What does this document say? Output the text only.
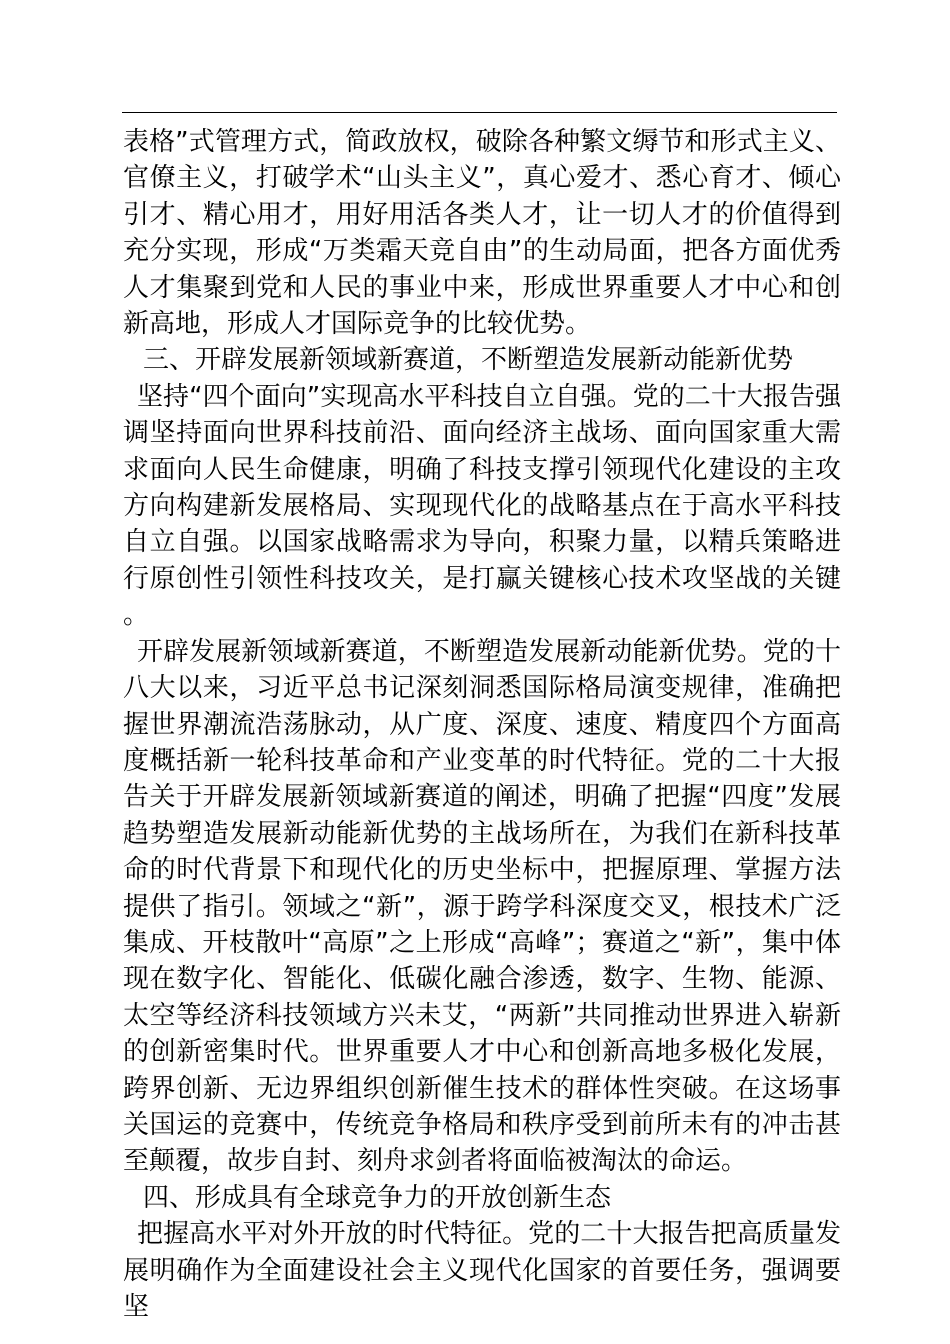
表格”式管理方式，简政放权，破除各种繁文缛节和形式主义、官僚主义，打破学术“山头主义”，真心爱才、悉心育才、倾心引才、精心用才，用好用活各类人才，让一切人才的价值得到充分实现，形成“万类霜天竞自由”的生动局面，把各方面优秀人才集聚到党和人民的事业中来，形成世界重要人才中心和创新高地，形成人才国际竞争的比较优势。

三、开辟发展新领域新赛道，不断塑造发展新动能新优势

坚持“四个面向”实现高水平科技自立自强。党的二十大报告强调坚持面向世界科技前沿、面向经济主战场、面向国家重大需求面向人民生命健康，明确了科技支撑引领现代化建设的主攻方向构建新发展格局、实现现代化的战略基点在于高水平科技自立自强。以国家战略需求为导向，积聚力量，以精兵策略进行原创性引领性科技攻关，是打赢关键核心技术攻坚战的关键。

开辟发展新领域新赛道，不断塑造发展新动能新优势。党的十八大以来，习近平总书记深刻洞悉国际格局演变规律，准确把握世界潮流浩荡脉动，从广度、深度、速度、精度四个方面高度概括新一轮科技革命和产业变革的时代特征。党的二十大报告关于开辟发展新领域新赛道的阐述，明确了把握“四度”发展趋势塑造发展新动能新优势的主战场所在，为我们在新科技革命的时代背景下和现代化的历史坐标中，把握原理、掌握方法提供了指引。领域之“新”，源于跨学科深度交叉，根技术广泛集成、开枝散叶“高原”之上形成“高峰”；赛道之“新”，集中体现在数字化、智能化、低碳化融合渗透，数字、生物、能源、太空等经济科技领域方兴未艾，“两新”共同推动世界进入崭新的创新密集时代。世界重要人才中心和创新高地多极化发展，跨界创新、无边界组织创新催生技术的群体性突破。在这场事关国运的竞赛中，传统竞争格局和秩序受到前所未有的冲击甚至颠覆，故步自封、刻舟求剑者将面临被淘汰的命运。

四、形成具有全球竞争力的开放创新生态

把握高水平对外开放的时代特征。党的二十大报告把高质量发展明确作为全面建设社会主义现代化国家的首要任务，强调要坚
